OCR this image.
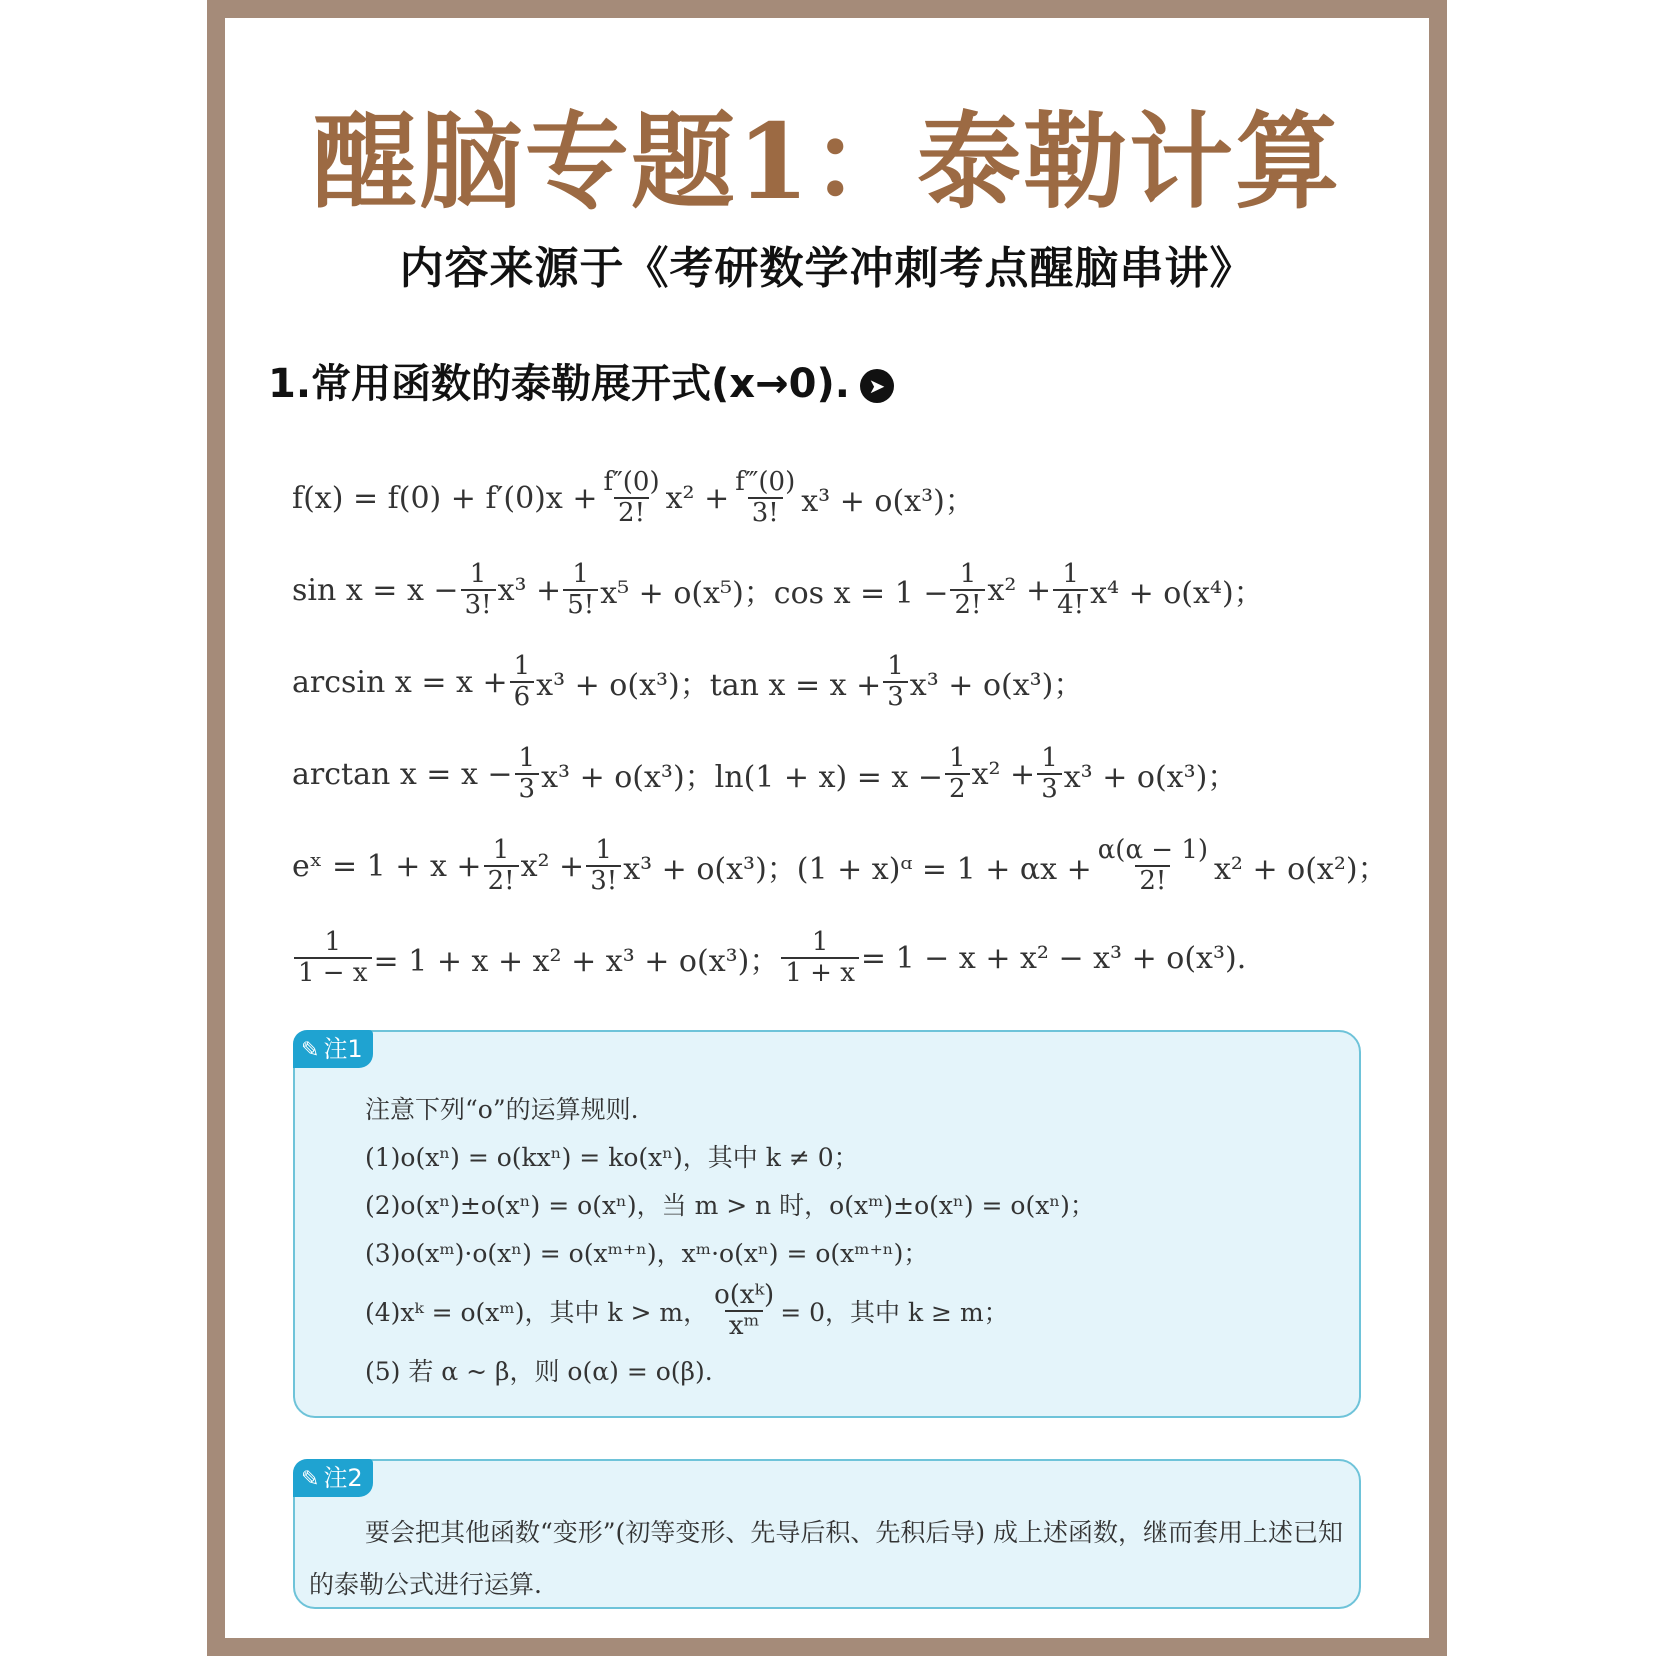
醒脑专题1：泰勒计算
内容来源于《考研数学冲刺考点醒脑串讲》
1.常用函数的泰勒展开式(x→0). ➤
$f(x) = f(0) + f'(0)x + \frac{f''(0)}{2!} x^2 + \frac{f‴(0)}{3!} x^3 + o(x^3)$；
$\sin x = x - \frac{1}{3!} x^3 + \frac{1}{5!} x^5 + o(x^5)$；$\cos x = 1 - \frac{1}{2!} x^2 + \frac{1}{4!} x^4 + o(x^4)$；
$\arcsin x = x + \frac{1}{6} x^3 + o(x^3)$；$\tan x = x + \frac{1}{3} x^3 + o(x^3)$；
$\arctan x = x - \frac{1}{3} x^3 + o(x^3)$；$\ln(1 + x) = x - \frac{1}{2} x^2 + \frac{1}{3} x^3 + o(x^3)$；
eˣ = $1 + x + \frac{1}{2!} x^2 + \frac{1}{3!} x^3 + o(x^3)$；(1 + x)ᵅ = $1 + \alpha x + \frac{\alpha(\alpha - 1)}{2!} x^2 + o(x^2)$；
$\frac{1}{1 - x} = 1 + x + x^2 + x^3 + o(x^3)$； $\frac{1}{1 + x} = 1 - x + x^2 - x^3 + o(x^3)$.
✎ 注1
注意下列“o”的运算规则.
(1)o(xⁿ) = o(kxⁿ) = ko(xⁿ)，其中 k ≠ 0；
(2)o(xⁿ)±o(xⁿ) = o(xⁿ)，当 m > n 时，o(xᵐ)±o(xⁿ) = o(xⁿ)；
(3)o(xᵐ)·o(xⁿ) = o(xᵐ⁺ⁿ)，xᵐ·o(xⁿ) = o(xᵐ⁺ⁿ)；
(4)xᵏ = o(xᵐ)，其中 k > m， $\frac{\text{o(xᵏ)}}{\text{xᵐ}} = 0$，其中 k ≥ m；
(5) 若 α ~ β，则 o(α) = o(β).
✎ 注2
要会把其他函数“变形”(初等变形、先导后积、先积后导) 成上述函数，继而套用上述已知的泰勒公式进行运算.
